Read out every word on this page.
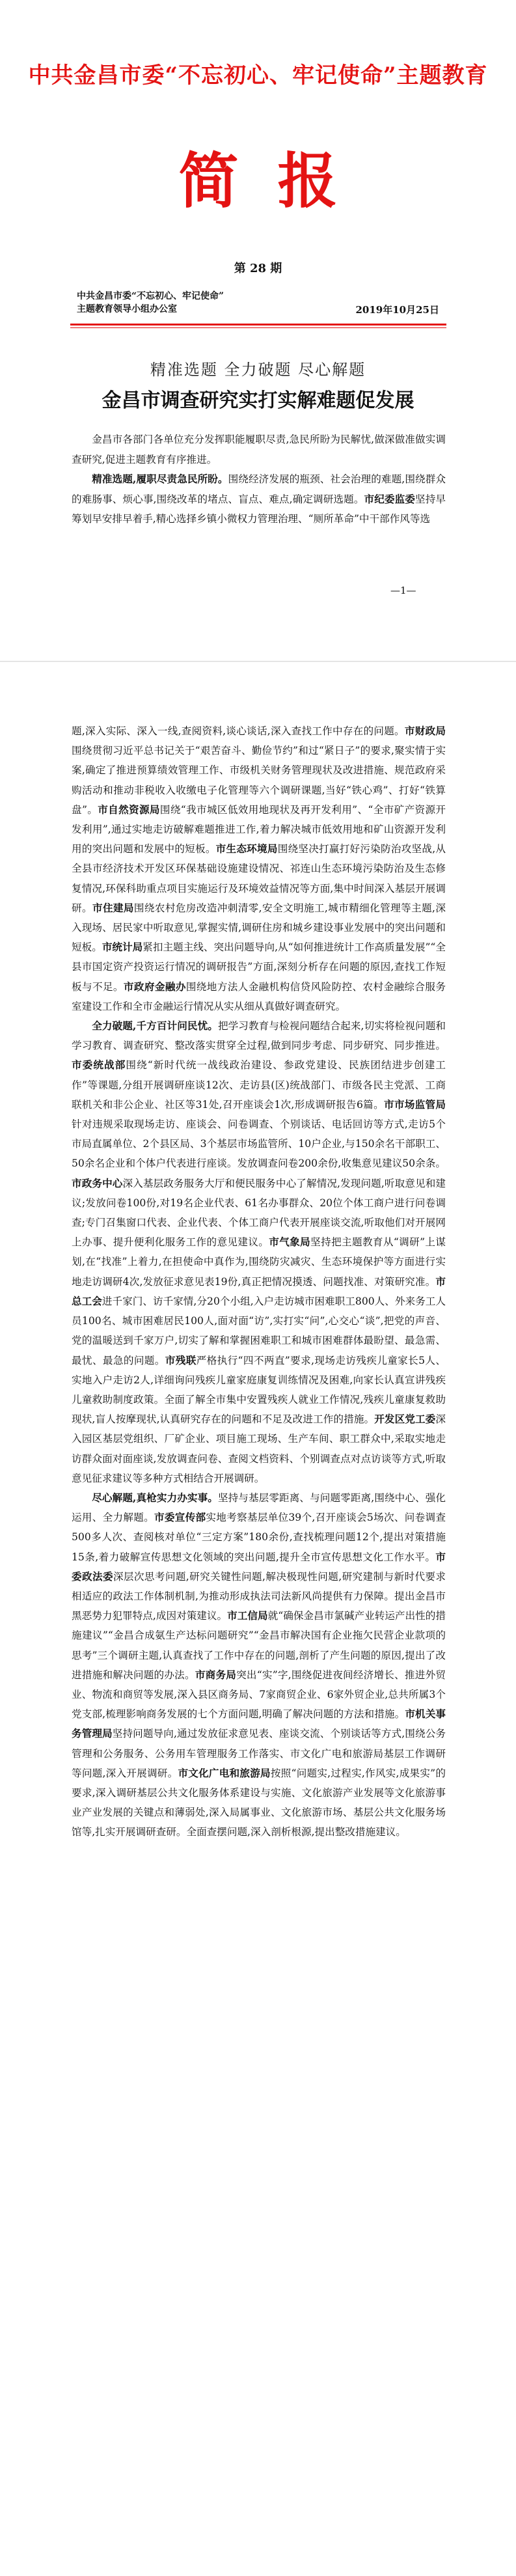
中共金昌市委“不忘初心、牢记使命”主题教育
简报
第 28 期
中共金昌市委“不忘初心、牢记使命”
主题教育领导小组办公室	2019年10月25日
精准选题 全力破题 尽心解题
金昌市调查研究实打实解难题促发展

金昌市各部门各单位充分发挥职能履职尽责,急民所盼为民解忧,做深做准做实调查研究,促进主题教育有序推进。

精准选题,履职尽责急民所盼。围绕经济发展的瓶颈、社会治理的难题,围绕群众的难肠事、烦心事,围绕改革的堵点、盲点、难点,确定调研选题。市纪委监委坚持早筹划早安排早着手,精心选择乡镇小微权力管理治理、“厕所革命”中干部作风等选

—1—

题,深入实际、深入一线,查阅资料,谈心谈话,深入查找工作中存在的问题。市财政局围绕贯彻习近平总书记关于“艰苦奋斗、勤俭节约”和过“紧日子”的要求,聚实情于实案,确定了推进预算绩效管理工作、市级机关财务管理现状及改进措施、规范政府采购活动和推动非税收入收缴电子化管理等六个调研课题,当好“铁心鸡”、打好“铁算盘”。市自然资源局围绕“我市城区低效用地现状及再开发利用”、“全市矿产资源开发利用”,通过实地走访破解难题推进工作,着力解决城市低效用地和矿山资源开发利用的突出问题和发展中的短板。市生态环境局围绕坚决打赢打好污染防治攻坚战,从全县市经济技术开发区环保基础设施建设情况、祁连山生态环境污染防治及生态修复情况,环保科助重点项目实施运行及环境效益情况等方面,集中时间深入基层开展调研。市住建局围绕农村危房改造冲刺清零,安全文明施工,城市精细化管理等主题,深入现场、居民家中听取意见,掌握实情,调研住房和城乡建设事业发展中的突出问题和短板。市统计局紧扣主题主线、突出问题导向,从“如何推进统计工作高质量发展”“全县市国定资产投资运行情况的调研报告”方面,深刻分析存在问题的原因,查找工作短板与不足。市政府金融办围绕地方法人金融机构信贷风险防控、农村金融综合服务室建设工作和全市金融运行情况从实从细从真做好调查研究。

全力破题,千方百计问民忧。把学习教育与检视问题结合起来,切实将检视问题和学习教育、调查研究、整改落实贯穿全过程,做到同步考虑、同步研究、同步推进。市委统战部围绕“新时代统一战线政治建设、参政党建设、民族团结进步创建工作”等课题,分组开展调研座谈12次、走访县(区)统战部门、市级各民主党派、工商联机关和非公企业、社区等31处,召开座谈会1次,形成调研报告6篇。市市场监管局针对违规采取现场走访、座谈会、问卷调查、个别谈话、电话回访等方式,走访5个市局直属单位、2个县区局、3个基层市场监管所、10户企业,与150余名干部职工、50余名企业和个体户代表进行座谈。发放调查问卷200余份,收集意见建议50余条。市政务中心深入基层政务服务大厅和便民服务中心了解情况,发现问题,听取意见和建议;发放问卷100份,对19名企业代表、61名办事群众、20位个体工商户进行问卷调查;专门召集窗口代表、企业代表、个体工商户代表开展座谈交流,听取他们对开展网上办事、提升便利化服务工作的意见建议。市气象局坚持把主题教育从“调研”上谋划,在“找准”上着力,在担使命中真作为,围绕防灾减灾、生态环境保护等方面进行实地走访调研4次,发放征求意见表19份,真正把情况摸透、问题找准、对策研究准。市总工会进千家门、访千家情,分20个小组,入户走访城市困难职工800人、外来务工人员100名、城市困难居民100人,面对面“访”,实打实“问”,心交心“谈”,把党的声音、党的温暖送到千家万户,切实了解和掌握困难职工和城市困难群体最盼望、最急需、最忧、最急的问题。市残联严格执行“四不两直”要求,现场走访残疾儿童家长5人、实地入户走访2人,详细询问残疾儿童家庭康复训练情况及困难,向家长认真宣讲残疾儿童救助制度政策。全面了解全市集中安置残疾人就业工作情况,残疾儿童康复救助现状,盲人按摩现状,认真研究存在的问题和不足及改进工作的措施。开发区党工委深入园区基层党组织、厂矿企业、项目施工现场、生产车间、职工群众中,采取实地走访群众面对面座谈,发放调查问卷、查阅文档资料、个别调查点对点访谈等方式,听取意见征求建议等多种方式相结合开展调研。

尽心解题,真枪实力办实事。坚持与基层零距离、与问题零距离,围绕中心、强化运用、全力解题。市委宣传部实地考察基层单位39个,召开座谈会5场次、问卷调查500多人次、查阅核对单位“三定方案”180余份,查找梳理问题12个,提出对策措施15条,着力破解宣传思想文化领域的突出问题,提升全市宣传思想文化工作水平。市委政法委深层次思考问题,研究关键性问题,解决极现性问题,研究建制与新时代要求相适应的政法工作体制机制,为推动形成执法司法新风尚提供有力保障。提出金昌市黑恶势力犯罪特点,成因对策建议。市工信局就“确保金昌市氯碱产业转运产出性的措施建议”“金昌合成氨生产达标问题研究”“金昌市解决国有企业拖欠民营企业款项的思考”三个调研主题,认真查找了工作中存在的问题,剖析了产生问题的原因,提出了改进措施和解决问题的办法。市商务局突出“实”字,围绕促进夜间经济增长、推进外贸业、物流和商贸等发展,深入县区商务局、7家商贸企业、6家外贸企业,总共所属3个党支部,梳理影响商务发展的七个方面问题,明确了解决问题的方法和措施。市机关事务管理局坚持问题导向,通过发放征求意见表、座谈交流、个别谈话等方式,围绕公务管理和公务服务、公务用车管理服务工作落实、市文化广电和旅游局基层工作调研等问题,深入开展调研。市文化广电和旅游局按照“问题实,过程实,作风实,成果实”的要求,深入调研基层公共文化服务体系建设与实施、文化旅游产业发展等文化旅游事业产业发展的关键点和薄弱处,深入局属事业、文化旅游市场、基层公共文化服务场馆等,扎实开展调研查研。全面查摆问题,深入剖析根源,提出整改措施建议。
